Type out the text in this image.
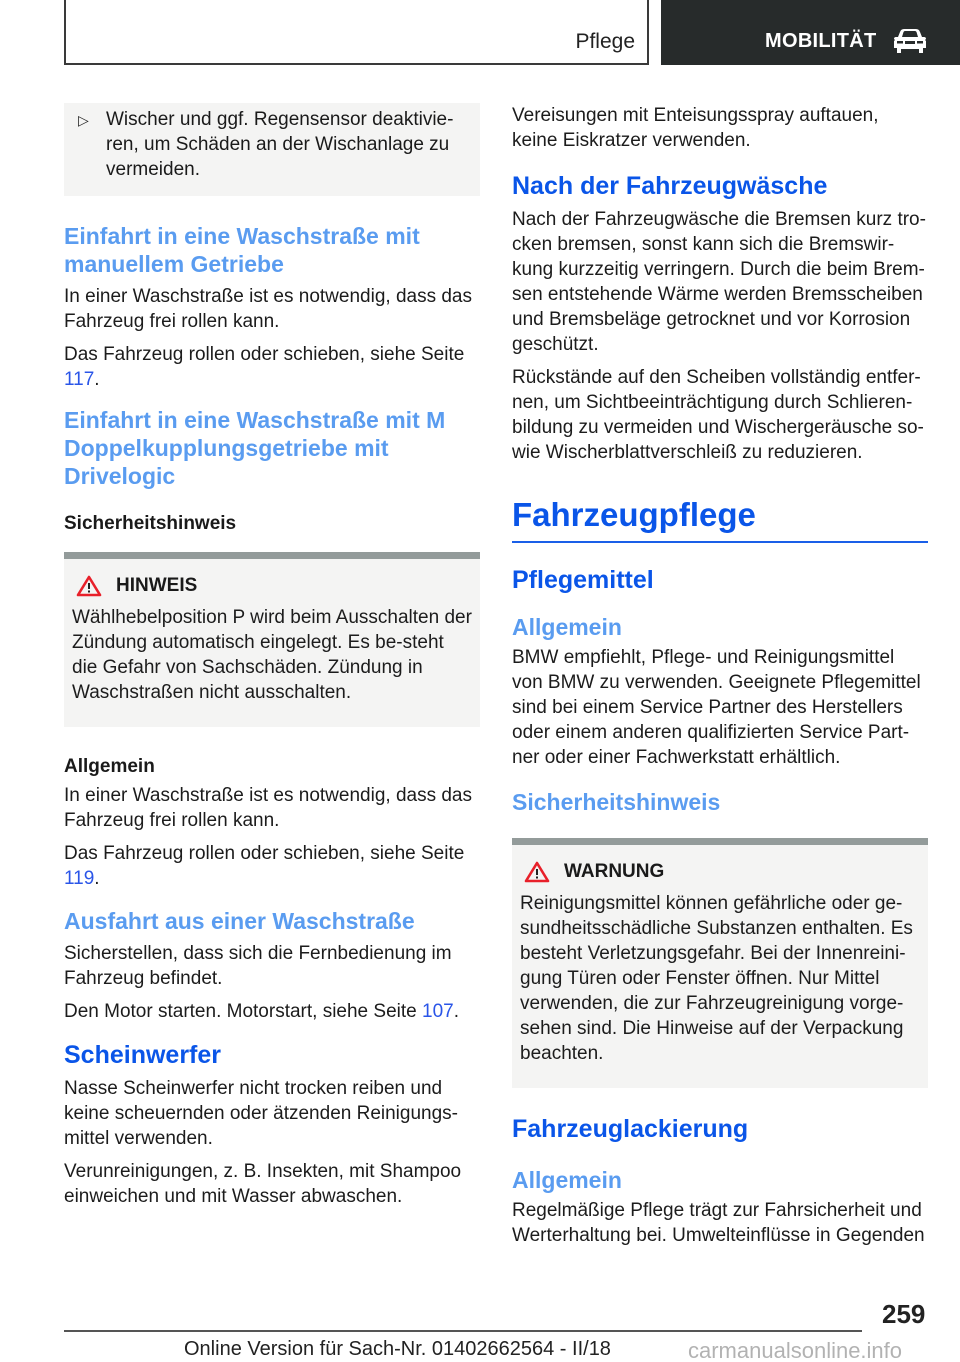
Pflege	MOBILITÄT
▷ Wischer und ggf. Regensensor deaktivie-ren, um Schäden an der Wischanlage zu vermeiden.

Einfahrt in eine Waschstraße mit manuellem Getriebe

In einer Waschstraße ist es notwendig, dass das Fahrzeug frei rollen kann.

Das Fahrzeug rollen oder schieben, siehe Seite 117.

Einfahrt in eine Waschstraße mit M Doppelkupplungsgetriebe mit Drivelogic
Sicherheitshinweis
HINWEIS

Wählhebelposition P wird beim Ausschalten der Zündung automatisch eingelegt. Es be-steht die Gefahr von Sachschäden. Zündung in Waschstraßen nicht ausschalten.

Allgemein

In einer Waschstraße ist es notwendig, dass das Fahrzeug frei rollen kann.

Das Fahrzeug rollen oder schieben, siehe Seite 119.

Ausfahrt aus einer Waschstraße

Sicherstellen, dass sich die Fernbedienung im Fahrzeug befindet.

Den Motor starten. Motorstart, siehe Seite 107.

Scheinwerfer

Nasse Scheinwerfer nicht trocken reiben und keine scheuernden oder ätzenden Reinigungs-mittel verwenden.

Verunreinigungen, z. B. Insekten, mit Shampoo einweichen und mit Wasser abwaschen.

Vereisungen mit Enteisungsspray auftauen, keine Eiskratzer verwenden.

Nach der Fahrzeugwäsche

Nach der Fahrzeugwäsche die Bremsen kurz tro-cken bremsen, sonst kann sich die Bremswir-kung kurzzeitig verringern. Durch die beim Brem-sen entstehende Wärme werden Bremsscheiben und Bremsbeläge getrocknet und vor Korrosion geschützt.

Rückstände auf den Scheiben vollständig entfer-nen, um Sichtbeeinträchtigung durch Schlieren-bildung zu vermeiden und Wischergeräusche so-wie Wischerblattverschleiß zu reduzieren.

Fahrzeugpflege
Pflegemittel
Allgemein

BMW empfiehlt, Pflege- und Reinigungsmittel von BMW zu verwenden. Geeignete Pflegemittel sind bei einem Service Partner des Herstellers oder einem anderen qualifizierten Service Part-ner oder einer Fachwerkstatt erhältlich.

Sicherheitshinweis
WARNUNG

Reinigungsmittel können gefährliche oder ge-sundheitsschädliche Substanzen enthalten. Es besteht Verletzungsgefahr. Bei der Innenreini-gung Türen oder Fenster öffnen. Nur Mittel verwenden, die zur Fahrzeugreinigung vorge-sehen sind. Die Hinweise auf der Verpackung beachten.

Fahrzeuglackierung
Allgemein

Regelmäßige Pflege trägt zur Fahrsicherheit und Werterhaltung bei. Umwelteinflüsse in Gegenden

259
Online Version für Sach-Nr. 01402662564 - II/18	carmanualsonline.info
